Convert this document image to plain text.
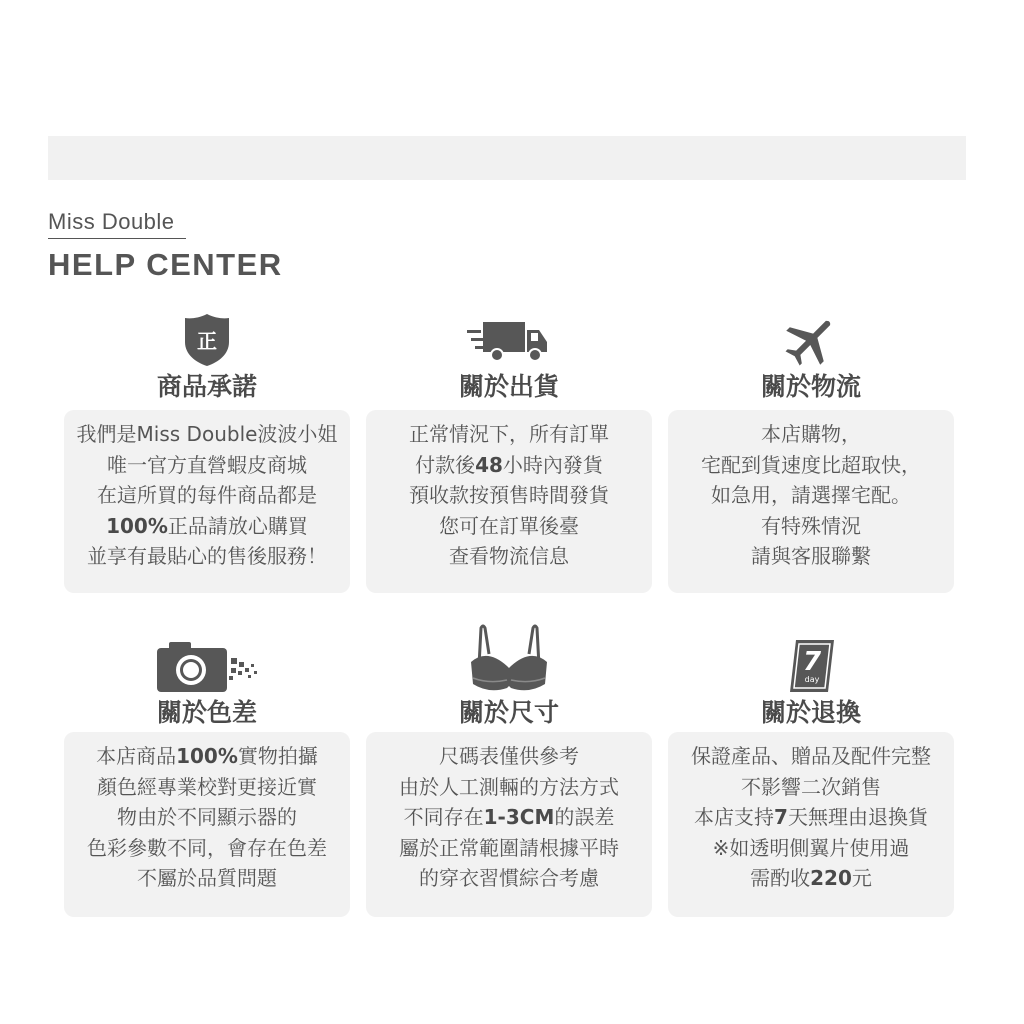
Miss Double
HELP CENTER
正
商品承諾
我們是Miss Double波波小姐
唯一官方直營蝦皮商城
在這所買的每件商品都是
100%正品請放心購買
並享有最貼心的售後服務！
關於出貨
正常情況下，所有訂單
付款後48小時內發貨
預收款按預售時間發貨
您可在訂單後臺
查看物流信息
關於物流
本店購物，
宅配到貨速度比超取快，
如急用，請選擇宅配。
有特殊情況
請與客服聯繫
關於色差
本店商品100%實物拍攝
顏色經專業校對更接近實
物由於不同顯示器的
色彩參數不同，會存在色差
不屬於品質問題
關於尺寸
尺碼表僅供參考
由於人工測輛的方法方式
不同存在1-3CM的誤差
屬於正常範圍請根據平時
的穿衣習慣綜合考慮
7
day
關於退換
保證產品、贈品及配件完整
不影響二次銷售
本店支持7天無理由退換貨
※如透明側翼片使用過
需酌收220元
